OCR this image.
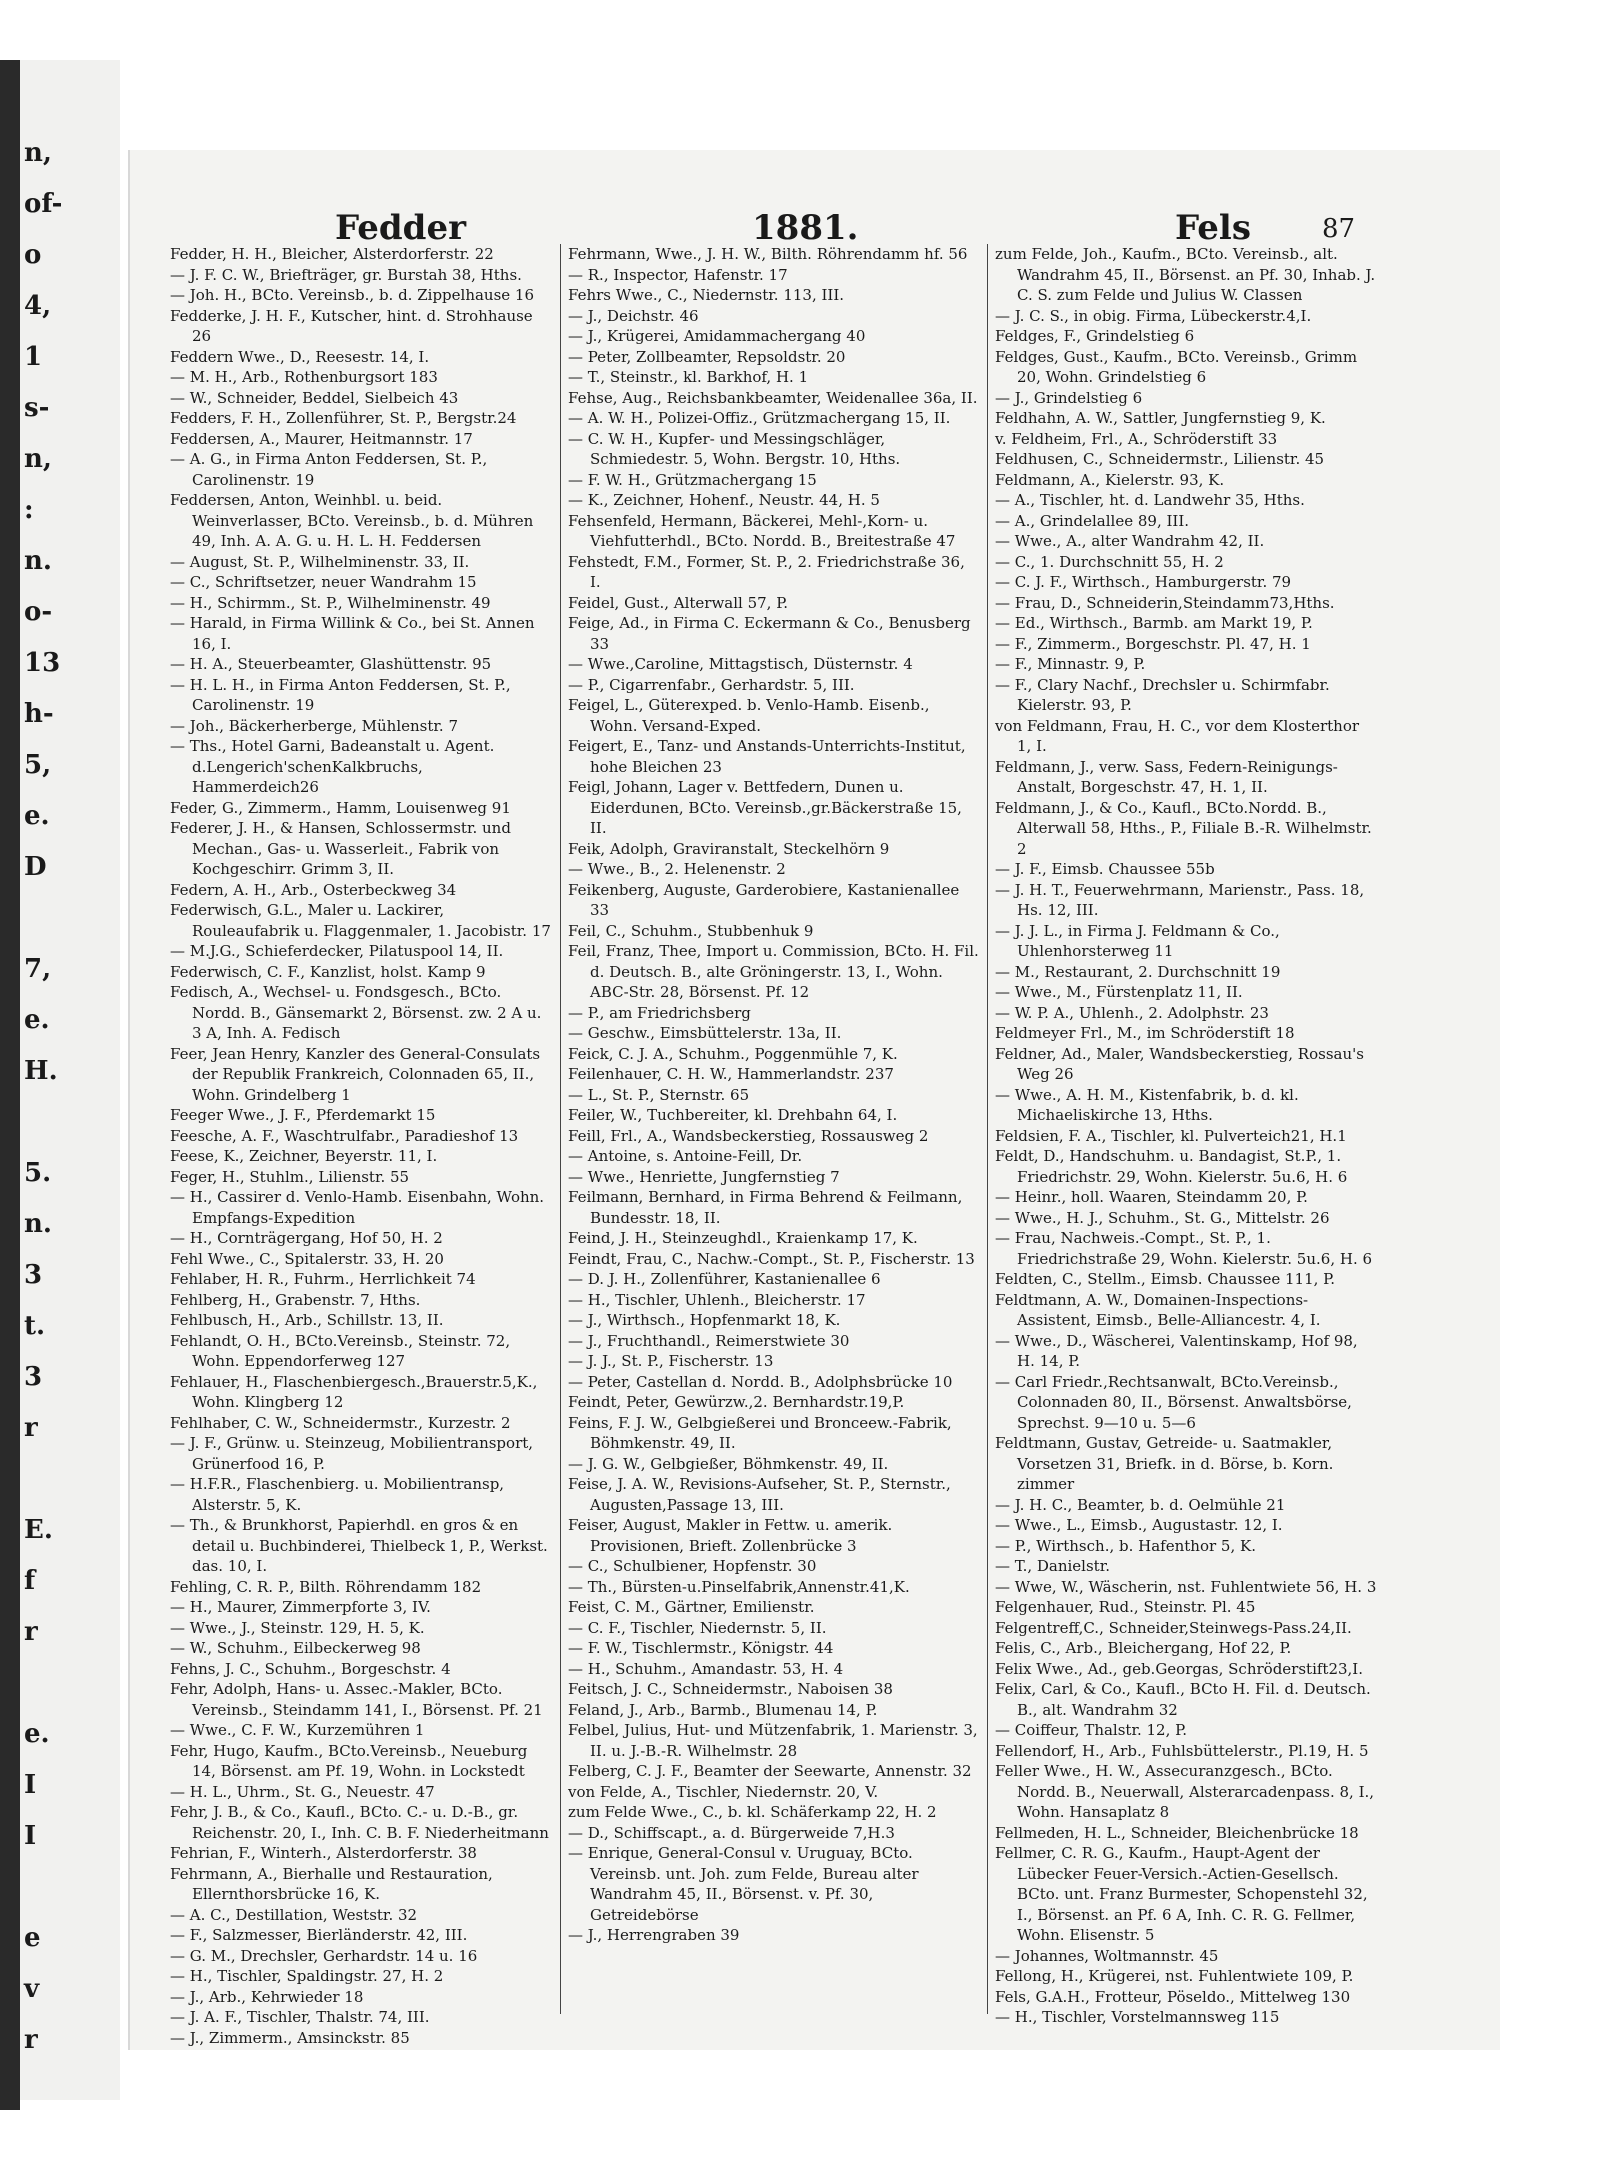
n,
of-
o
4,
1
s-
n,
:
n.
o-
13
h-
5,
e.
D
7,
e.
H.
5.
n.
3
t.
3
r
E.
f
r
e.
I
I
e
v
r
Fedder	1881.	Fels	87

Fedder, H. H., Bleicher, Alsterdorferstr. 22

— J. F. C. W., Briefträger, gr. Burstah 38, Hths.

— Joh. H., BCto. Vereinsb., b. d. Zippelhause 16

Fedderke, J. H. F., Kutscher, hint. d. Strohhause 26

Feddern Wwe., D., Reesestr. 14, I.

— M. H., Arb., Rothenburgsort 183

— W., Schneider, Beddel, Sielbeich 43

Fedders, F. H., Zollenführer, St. P., Bergstr.24

Feddersen, A., Maurer, Heitmannstr. 17

— A. G., in Firma Anton Feddersen, St. P., Carolinenstr. 19

Feddersen, Anton, Weinhbl. u. beid. Weinverlasser, BCto. Vereinsb., b. d. Mühren 49, Inh. A. A. G. u. H. L. H. Feddersen

— August, St. P., Wilhelminenstr. 33, II.

— C., Schriftsetzer, neuer Wandrahm 15

— H., Schirmm., St. P., Wilhelminenstr. 49

— Harald, in Firma Willink & Co., bei St. Annen 16, I.

— H. A., Steuerbeamter, Glashüttenstr. 95

— H. L. H., in Firma Anton Feddersen, St. P., Carolinenstr. 19

— Joh., Bäckerherberge, Mühlenstr. 7

— Ths., Hotel Garni, Badeanstalt u. Agent. d.Lengerich'schenKalkbruchs, Hammerdeich26

Feder, G., Zimmerm., Hamm, Louisenweg 91

Federer, J. H., & Hansen, Schlossermstr. und Mechan., Gas- u. Wasserleit., Fabrik von Kochgeschirr. Grimm 3, II.

Federn, A. H., Arb., Osterbeckweg 34

Federwisch, G.L., Maler u. Lackirer, Rouleaufabrik u. Flaggenmaler, 1. Jacobistr. 17

— M.J.G., Schieferdecker, Pilatuspool 14, II.

Federwisch, C. F., Kanzlist, holst. Kamp 9

Fedisch, A., Wechsel- u. Fondsgesch., BCto. Nordd. B., Gänsemarkt 2, Börsenst. zw. 2 A u. 3 A, Inh. A. Fedisch

Feer, Jean Henry, Kanzler des General-Consulats der Republik Frankreich, Colonnaden 65, II., Wohn. Grindelberg 1

Feeger Wwe., J. F., Pferdemarkt 15

Feesche, A. F., Waschtrulfabr., Paradieshof 13

Feese, K., Zeichner, Beyerstr. 11, I.

Feger, H., Stuhlm., Lilienstr. 55

— H., Cassirer d. Venlo-Hamb. Eisenbahn, Wohn. Empfangs-Expedition

— H., Cornträgergang, Hof 50, H. 2

Fehl Wwe., C., Spitalerstr. 33, H. 20

Fehlaber, H. R., Fuhrm., Herrlichkeit 74

Fehlberg, H., Grabenstr. 7, Hths.

Fehlbusch, H., Arb., Schillstr. 13, II.

Fehlandt, O. H., BCto.Vereinsb., Steinstr. 72, Wohn. Eppendorferweg 127

Fehlauer, H., Flaschenbiergesch.,Brauerstr.5,K., Wohn. Klingberg 12

Fehlhaber, C. W., Schneidermstr., Kurzestr. 2

— J. F., Grünw. u. Steinzeug, Mobilientransport, Grünerfood 16, P.

— H.F.R., Flaschenbierg. u. Mobilientransp, Alsterstr. 5, K.

— Th., & Brunkhorst, Papierhdl. en gros & en detail u. Buchbinderei, Thielbeck 1, P., Werkst. das. 10, I.

Fehling, C. R. P., Bilth. Röhrendamm 182

— H., Maurer, Zimmerpforte 3, IV.

— Wwe., J., Steinstr. 129, H. 5, K.

— W., Schuhm., Eilbeckerweg 98

Fehns, J. C., Schuhm., Borgeschstr. 4

Fehr, Adolph, Hans- u. Assec.-Makler, BCto. Vereinsb., Steindamm 141, I., Börsenst. Pf. 21

— Wwe., C. F. W., Kurzemühren 1

Fehr, Hugo, Kaufm., BCto.Vereinsb., Neueburg 14, Börsenst. am Pf. 19, Wohn. in Lockstedt

— H. L., Uhrm., St. G., Neuestr. 47

Fehr, J. B., & Co., Kaufl., BCto. C.- u. D.-B., gr. Reichenstr. 20, I., Inh. C. B. F. Niederheitmann

Fehrian, F., Winterh., Alsterdorferstr. 38

Fehrmann, A., Bierhalle und Restauration, Ellernthorsbrücke 16, K.

— A. C., Destillation, Weststr. 32

— F., Salzmesser, Bierländerstr. 42, III.

— G. M., Drechsler, Gerhardstr. 14 u. 16

— H., Tischler, Spaldingstr. 27, H. 2

— J., Arb., Kehrwieder 18

— J. A. F., Tischler, Thalstr. 74, III.

— J., Zimmerm., Amsinckstr. 85

Fehrmann, Wwe., J. H. W., Bilth. Röhrendamm hf. 56

— R., Inspector, Hafenstr. 17

Fehrs Wwe., C., Niedernstr. 113, III.

— J., Deichstr. 46

— J., Krügerei, Amidammachergang 40

— Peter, Zollbeamter, Repsoldstr. 20

— T., Steinstr., kl. Barkhof, H. 1

Fehse, Aug., Reichsbankbeamter, Weidenallee 36a, II.

— A. W. H., Polizei-Offiz., Grützmachergang 15, II.

— C. W. H., Kupfer- und Messingschläger, Schmiedestr. 5, Wohn. Bergstr. 10, Hths.

— F. W. H., Grützmachergang 15

— K., Zeichner, Hohenf., Neustr. 44, H. 5

Fehsenfeld, Hermann, Bäckerei, Mehl-,Korn- u. Viehfutterhdl., BCto. Nordd. B., Breitestraße 47

Fehstedt, F.M., Former, St. P., 2. Friedrichstraße 36, I.

Feidel, Gust., Alterwall 57, P.

Feige, Ad., in Firma C. Eckermann & Co., Benusberg 33

— Wwe.,Caroline, Mittagstisch, Düsternstr. 4

— P., Cigarrenfabr., Gerhardstr. 5, III.

Feigel, L., Güterexped. b. Venlo-Hamb. Eisenb., Wohn. Versand-Exped.

Feigert, E., Tanz- und Anstands-Unterrichts-Institut, hohe Bleichen 23

Feigl, Johann, Lager v. Bettfedern, Dunen u. Eiderdunen, BCto. Vereinsb.,gr.Bäckerstraße 15, II.

Feik, Adolph, Graviranstalt, Steckelhörn 9

— Wwe., B., 2. Helenenstr. 2

Feikenberg, Auguste, Garderobiere, Kastanienallee 33

Feil, C., Schuhm., Stubbenhuk 9

Feil, Franz, Thee, Import u. Commission, BCto. H. Fil. d. Deutsch. B., alte Gröningerstr. 13, I., Wohn. ABC-Str. 28, Börsenst. Pf. 12

— P., am Friedrichsberg

— Geschw., Eimsbüttelerstr. 13a, II.

Feick, C. J. A., Schuhm., Poggenmühle 7, K.

Feilenhauer, C. H. W., Hammerlandstr. 237

— L., St. P., Sternstr. 65

Feiler, W., Tuchbereiter, kl. Drehbahn 64, I.

Feill, Frl., A., Wandsbeckerstieg, Rossausweg 2

— Antoine, s. Antoine-Feill, Dr.

— Wwe., Henriette, Jungfernstieg 7

Feilmann, Bernhard, in Firma Behrend & Feilmann, Bundesstr. 18, II.

Feind, J. H., Steinzeughdl., Kraienkamp 17, K.

Feindt, Frau, C., Nachw.-Compt., St. P., Fischerstr. 13

— D. J. H., Zollenführer, Kastanienallee 6

— H., Tischler, Uhlenh., Bleicherstr. 17

— J., Wirthsch., Hopfenmarkt 18, K.

— J., Fruchthandl., Reimerstwiete 30

— J. J., St. P., Fischerstr. 13

— Peter, Castellan d. Nordd. B., Adolphsbrücke 10

Feindt, Peter, Gewürzw.,2. Bernhardstr.19,P.

Feins, F. J. W., Gelbgießerei und Bronceew.-Fabrik, Böhmkenstr. 49, II.

— J. G. W., Gelbgießer, Böhmkenstr. 49, II.

Feise, J. A. W., Revisions-Aufseher, St. P., Sternstr., Augusten,Passage 13, III.

Feiser, August, Makler in Fettw. u. amerik. Provisionen, Brieft. Zollenbrücke 3

— C., Schulbiener, Hopfenstr. 30

— Th., Bürsten-u.Pinselfabrik,Annenstr.41,K.

Feist, C. M., Gärtner, Emilienstr.

— C. F., Tischler, Niedernstr. 5, II.

— F. W., Tischlermstr., Königstr. 44

— H., Schuhm., Amandastr. 53, H. 4

Feitsch, J. C., Schneidermstr., Naboisen 38

Feland, J., Arb., Barmb., Blumenau 14, P.

Felbel, Julius, Hut- und Mützenfabrik, 1. Marienstr. 3, II. u. J.-B.-R. Wilhelmstr. 28

Felberg, C. J. F., Beamter der Seewarte, Annenstr. 32

von Felde, A., Tischler, Niedernstr. 20, V.

zum Felde Wwe., C., b. kl. Schäferkamp 22, H. 2

— D., Schiffscapt., a. d. Bürgerweide 7,H.3

— Enrique, General-Consul v. Uruguay, BCto. Vereinsb. unt. Joh. zum Felde, Bureau alter Wandrahm 45, II., Börsenst. v. Pf. 30, Getreidebörse

— J., Herrengraben 39

zum Felde, Joh., Kaufm., BCto. Vereinsb., alt. Wandrahm 45, II., Börsenst. an Pf. 30, Inhab. J. C. S. zum Felde und Julius W. Classen

— J. C. S., in obig. Firma, Lübeckerstr.4,I.

Feldges, F., Grindelstieg 6

Feldges, Gust., Kaufm., BCto. Vereinsb., Grimm 20, Wohn. Grindelstieg 6

— J., Grindelstieg 6

Feldhahn, A. W., Sattler, Jungfernstieg 9, K.

v. Feldheim, Frl., A., Schröderstift 33

Feldhusen, C., Schneidermstr., Lilienstr. 45

Feldmann, A., Kielerstr. 93, K.

— A., Tischler, ht. d. Landwehr 35, Hths.

— A., Grindelallee 89, III.

— Wwe., A., alter Wandrahm 42, II.

— C., 1. Durchschnitt 55, H. 2

— C. J. F., Wirthsch., Hamburgerstr. 79

— Frau, D., Schneiderin,Steindamm73,Hths.

— Ed., Wirthsch., Barmb. am Markt 19, P.

— F., Zimmerm., Borgeschstr. Pl. 47, H. 1

— F., Minnastr. 9, P.

— F., Clary Nachf., Drechsler u. Schirmfabr. Kielerstr. 93, P.

von Feldmann, Frau, H. C., vor dem Klosterthor 1, I.

Feldmann, J., verw. Sass, Federn-Reinigungs-Anstalt, Borgeschstr. 47, H. 1, II.

Feldmann, J., & Co., Kaufl., BCto.Nordd. B., Alterwall 58, Hths., P., Filiale B.-R. Wilhelmstr. 2

— J. F., Eimsb. Chaussee 55b

— J. H. T., Feuerwehrmann, Marienstr., Pass. 18, Hs. 12, III.

— J. J. L., in Firma J. Feldmann & Co., Uhlenhorsterweg 11

— M., Restaurant, 2. Durchschnitt 19

— Wwe., M., Fürstenplatz 11, II.

— W. P. A., Uhlenh., 2. Adolphstr. 23

Feldmeyer Frl., M., im Schröderstift 18

Feldner, Ad., Maler, Wandsbeckerstieg, Rossau's Weg 26

— Wwe., A. H. M., Kistenfabrik, b. d. kl. Michaeliskirche 13, Hths.

Feldsien, F. A., Tischler, kl. Pulverteich21, H.1

Feldt, D., Handschuhm. u. Bandagist, St.P., 1. Friedrichstr. 29, Wohn. Kielerstr. 5u.6, H. 6

— Heinr., holl. Waaren, Steindamm 20, P.

— Wwe., H. J., Schuhm., St. G., Mittelstr. 26

— Frau, Nachweis.-Compt., St. P., 1. Friedrichstraße 29, Wohn. Kielerstr. 5u.6, H. 6

Feldten, C., Stellm., Eimsb. Chaussee 111, P.

Feldtmann, A. W., Domainen-Inspections-Assistent, Eimsb., Belle-Alliancestr. 4, I.

— Wwe., D., Wäscherei, Valentinskamp, Hof 98, H. 14, P.

— Carl Friedr.,Rechtsanwalt, BCto.Vereinsb., Colonnaden 80, II., Börsenst. Anwaltsbörse, Sprechst. 9—10 u. 5—6

Feldtmann, Gustav, Getreide- u. Saatmakler, Vorsetzen 31, Briefk. in d. Börse, b. Korn. zimmer

— J. H. C., Beamter, b. d. Oelmühle 21

— Wwe., L., Eimsb., Augustastr. 12, I.

— P., Wirthsch., b. Hafenthor 5, K.

— T., Danielstr.

— Wwe, W., Wäscherin, nst. Fuhlentwiete 56, H. 3

Felgenhauer, Rud., Steinstr. Pl. 45

Felgentreff,C., Schneider,Steinwegs-Pass.24,II.

Felis, C., Arb., Bleichergang, Hof 22, P.

Felix Wwe., Ad., geb.Georgas, Schröderstift23,I.

Felix, Carl, & Co., Kaufl., BCto H. Fil. d. Deutsch. B., alt. Wandrahm 32

— Coiffeur, Thalstr. 12, P.

Fellendorf, H., Arb., Fuhlsbüttelerstr., Pl.19, H. 5

Feller Wwe., H. W., Assecuranzgesch., BCto. Nordd. B., Neuerwall, Alsterarcadenpass. 8, I., Wohn. Hansaplatz 8

Fellmeden, H. L., Schneider, Bleichenbrücke 18

Fellmer, C. R. G., Kaufm., Haupt-Agent der Lübecker Feuer-Versich.-Actien-Gesellsch. BCto. unt. Franz Burmester, Schopenstehl 32, I., Börsenst. an Pf. 6 A, Inh. C. R. G. Fellmer, Wohn. Elisenstr. 5

— Johannes, Woltmannstr. 45

Fellong, H., Krügerei, nst. Fuhlentwiete 109, P.

Fels, G.A.H., Frotteur, Pöseldo., Mittelweg 130

— H., Tischler, Vorstelmannsweg 115
